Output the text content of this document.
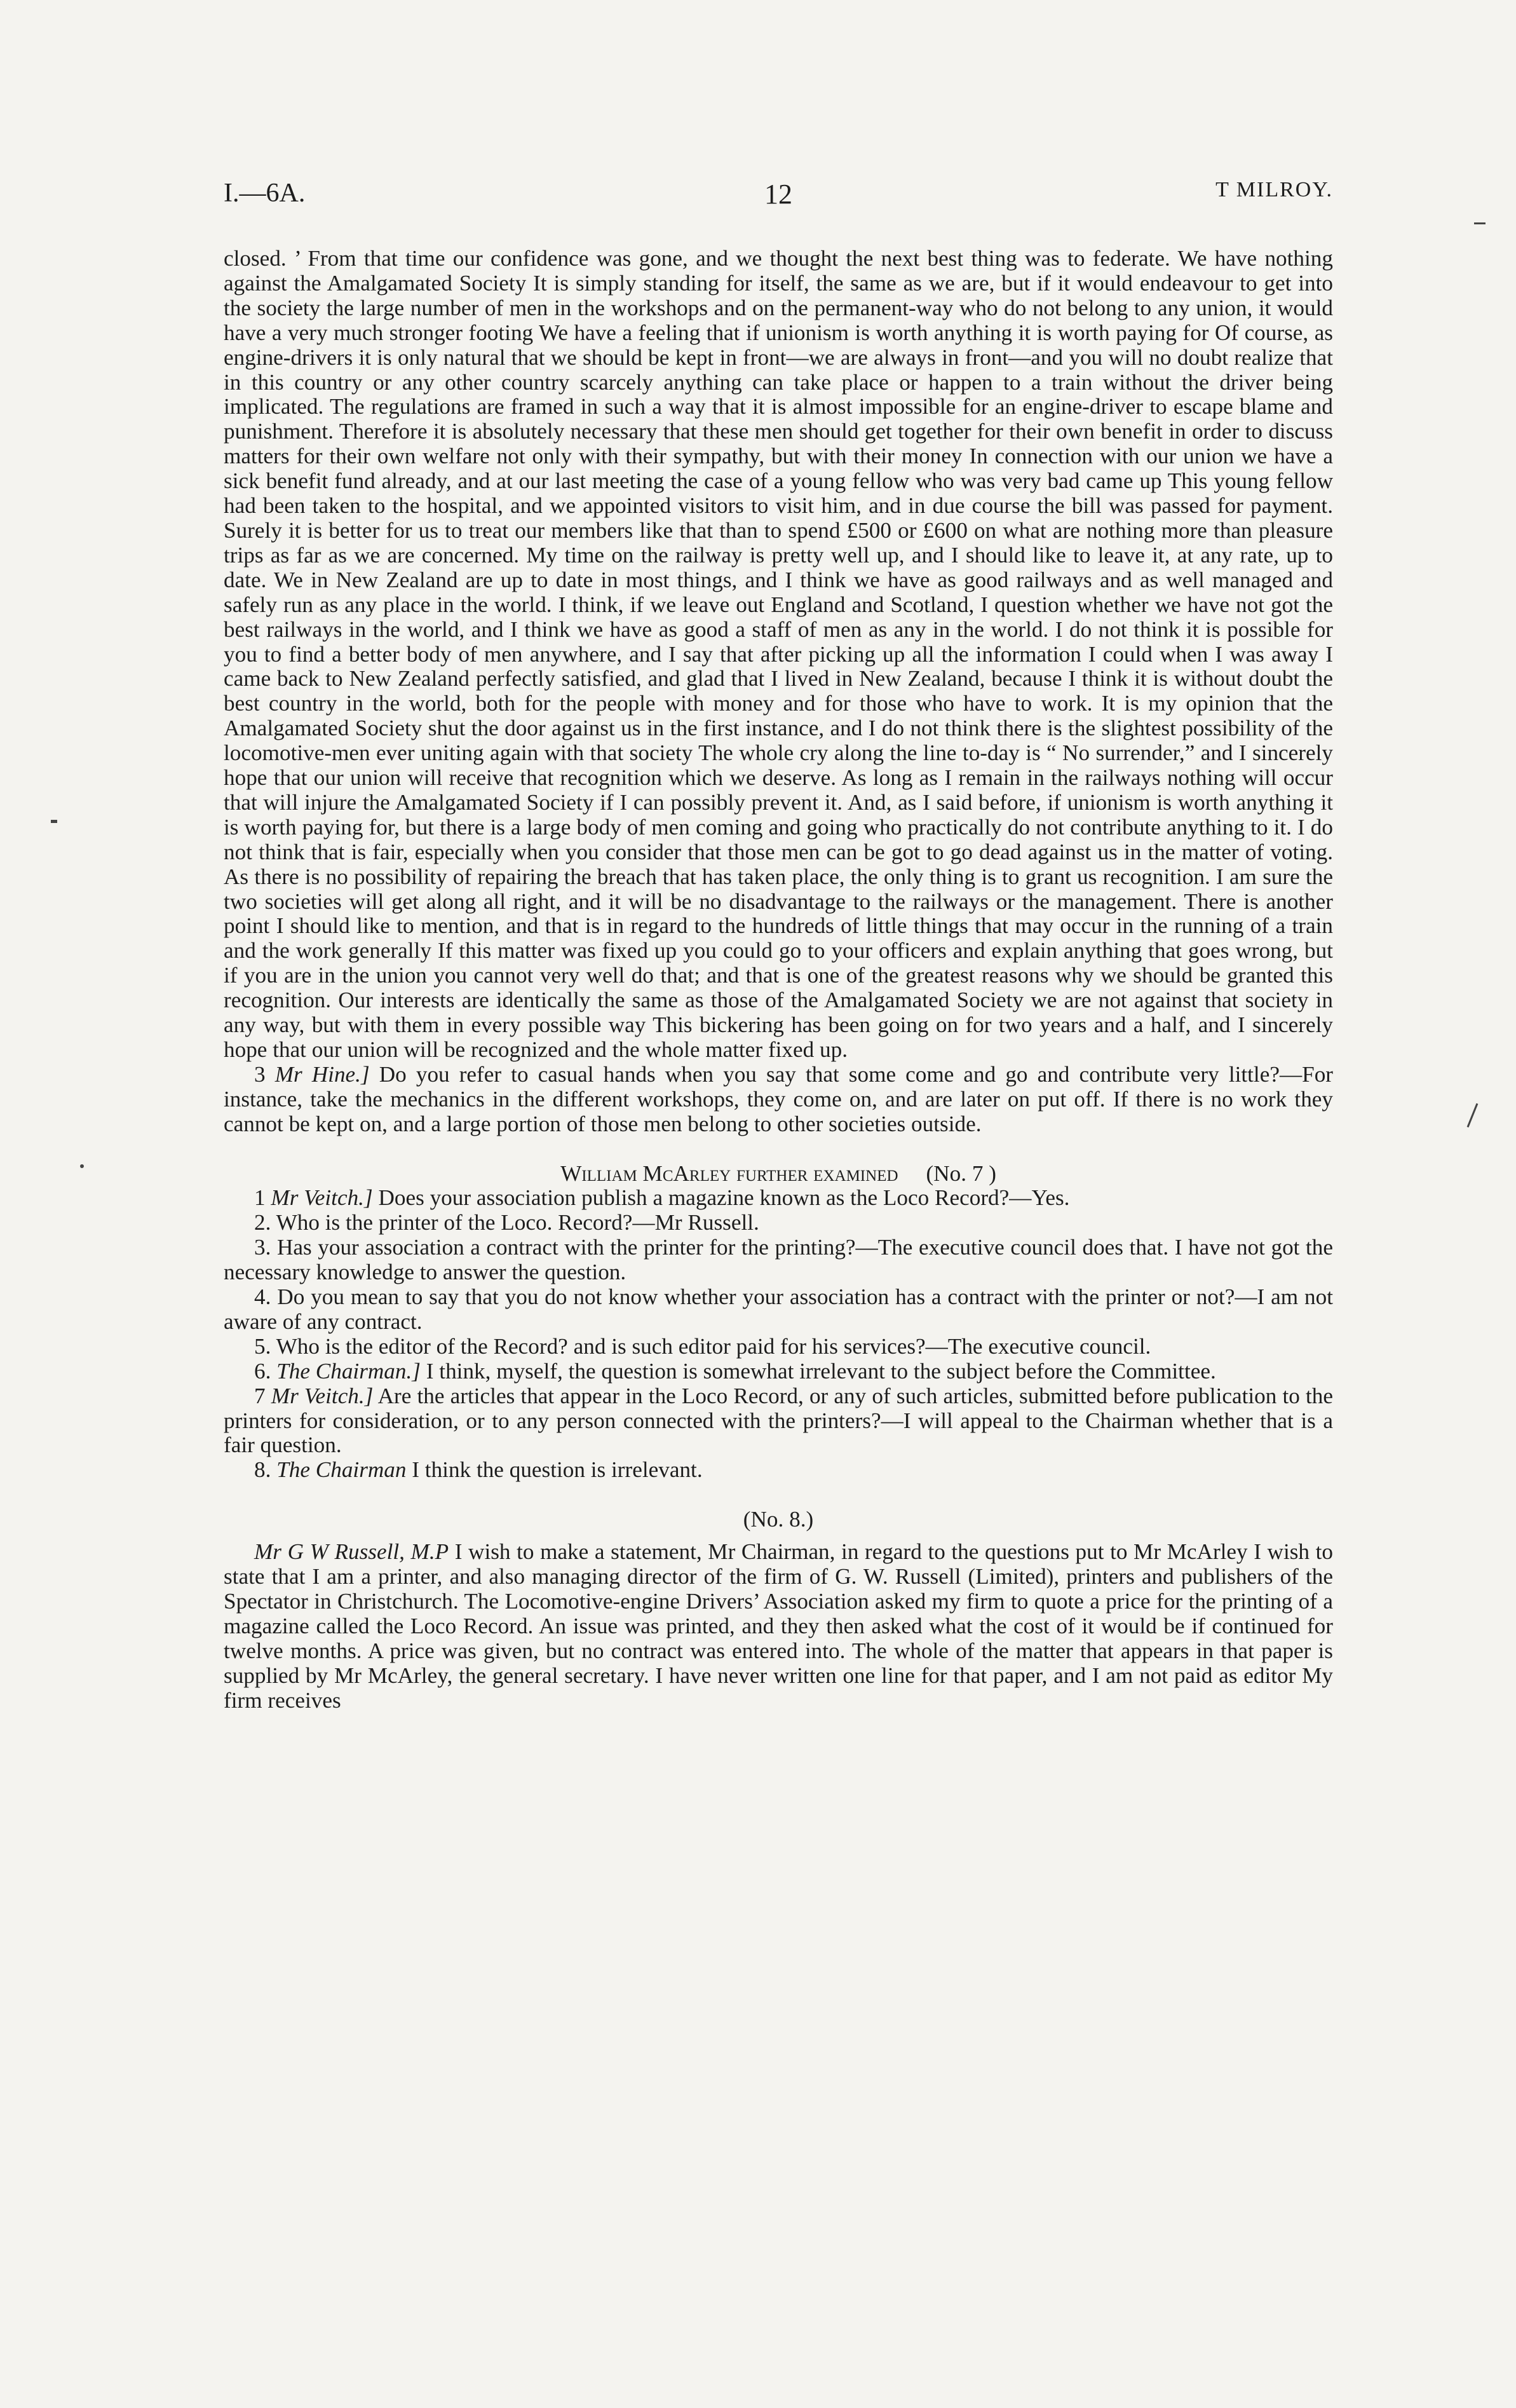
I.—6A.	12	T MILROY.

closed. ’ From that time our confidence was gone, and we thought the next best thing was to federate. We have nothing against the Amalgamated Society It is simply standing for itself, the same as we are, but if it would endeavour to get into the society the large number of men in the workshops and on the permanent-way who do not belong to any union, it would have a very much stronger footing We have a feeling that if unionism is worth anything it is worth paying for Of course, as engine-drivers it is only natural that we should be kept in front—we are always in front—and you will no doubt realize that in this country or any other country scarcely anything can take place or happen to a train without the driver being implicated. The regulations are framed in such a way that it is almost impossible for an engine-driver to escape blame and punishment. Therefore it is absolutely necessary that these men should get together for their own benefit in order to discuss matters for their own welfare not only with their sympathy, but with their money In connection with our union we have a sick benefit fund already, and at our last meeting the case of a young fellow who was very bad came up This young fellow had been taken to the hospital, and we appointed visitors to visit him, and in due course the bill was passed for payment. Surely it is better for us to treat our members like that than to spend £500 or £600 on what are nothing more than pleasure trips as far as we are concerned. My time on the railway is pretty well up, and I should like to leave it, at any rate, up to date. We in New Zealand are up to date in most things, and I think we have as good railways and as well managed and safely run as any place in the world. I think, if we leave out England and Scotland, I question whether we have not got the best railways in the world, and I think we have as good a staff of men as any in the world. I do not think it is possible for you to find a better body of men anywhere, and I say that after picking up all the information I could when I was away I came back to New Zealand perfectly satisfied, and glad that I lived in New Zealand, because I think it is without doubt the best country in the world, both for the people with money and for those who have to work. It is my opinion that the Amalgamated Society shut the door against us in the first instance, and I do not think there is the slightest possibility of the locomotive-men ever uniting again with that society The whole cry along the line to-day is “ No surrender,” and I sincerely hope that our union will receive that recognition which we deserve. As long as I remain in the railways nothing will occur that will injure the Amalgamated Society if I can possibly prevent it. And, as I said before, if unionism is worth anything it is worth paying for, but there is a large body of men coming and going who practically do not contribute anything to it. I do not think that is fair, especially when you consider that those men can be got to go dead against us in the matter of voting. As there is no possibility of repairing the breach that has taken place, the only thing is to grant us recognition. I am sure the two societies will get along all right, and it will be no disadvantage to the railways or the management. There is another point I should like to mention, and that is in regard to the hundreds of little things that may occur in the running of a train and the work generally If this matter was fixed up you could go to your officers and explain anything that goes wrong, but if you are in the union you cannot very well do that; and that is one of the greatest reasons why we should be granted this recognition. Our interests are identically the same as those of the Amalgamated Society we are not against that society in any way, but with them in every possible way This bickering has been going on for two years and a half, and I sincerely hope that our union will be recognized and the whole matter fixed up.

3 Mr Hine.] Do you refer to casual hands when you say that some come and go and contribute very little?—For instance, take the mechanics in the different workshops, they come on, and are later on put off. If there is no work they cannot be kept on, and a large portion of those men belong to other societies outside.

William McArley further examined (No. 7 )

1 Mr Veitch.] Does your association publish a magazine known as the Loco Record?—Yes.

2. Who is the printer of the Loco. Record?—Mr Russell.

3. Has your association a contract with the printer for the printing?—The executive council does that. I have not got the necessary knowledge to answer the question.

4. Do you mean to say that you do not know whether your association has a contract with the printer or not?—I am not aware of any contract.

5. Who is the editor of the Record? and is such editor paid for his services?—The executive council.

6. The Chairman.] I think, myself, the question is somewhat irrelevant to the subject before the Committee.

7 Mr Veitch.] Are the articles that appear in the Loco Record, or any of such articles, submitted before publication to the printers for consideration, or to any person connected with the printers?—I will appeal to the Chairman whether that is a fair question.

8. The Chairman I think the question is irrelevant.

(No. 8.)

Mr G W Russell, M.P I wish to make a statement, Mr Chairman, in regard to the questions put to Mr McArley I wish to state that I am a printer, and also managing director of the firm of G. W. Russell (Limited), printers and publishers of the Spectator in Christchurch. The Locomotive-engine Drivers’ Association asked my firm to quote a price for the printing of a magazine called the Loco Record. An issue was printed, and they then asked what the cost of it would be if continued for twelve months. A price was given, but no contract was entered into. The whole of the matter that appears in that paper is supplied by Mr McArley, the general secretary. I have never written one line for that paper, and I am not paid as editor My firm receives
